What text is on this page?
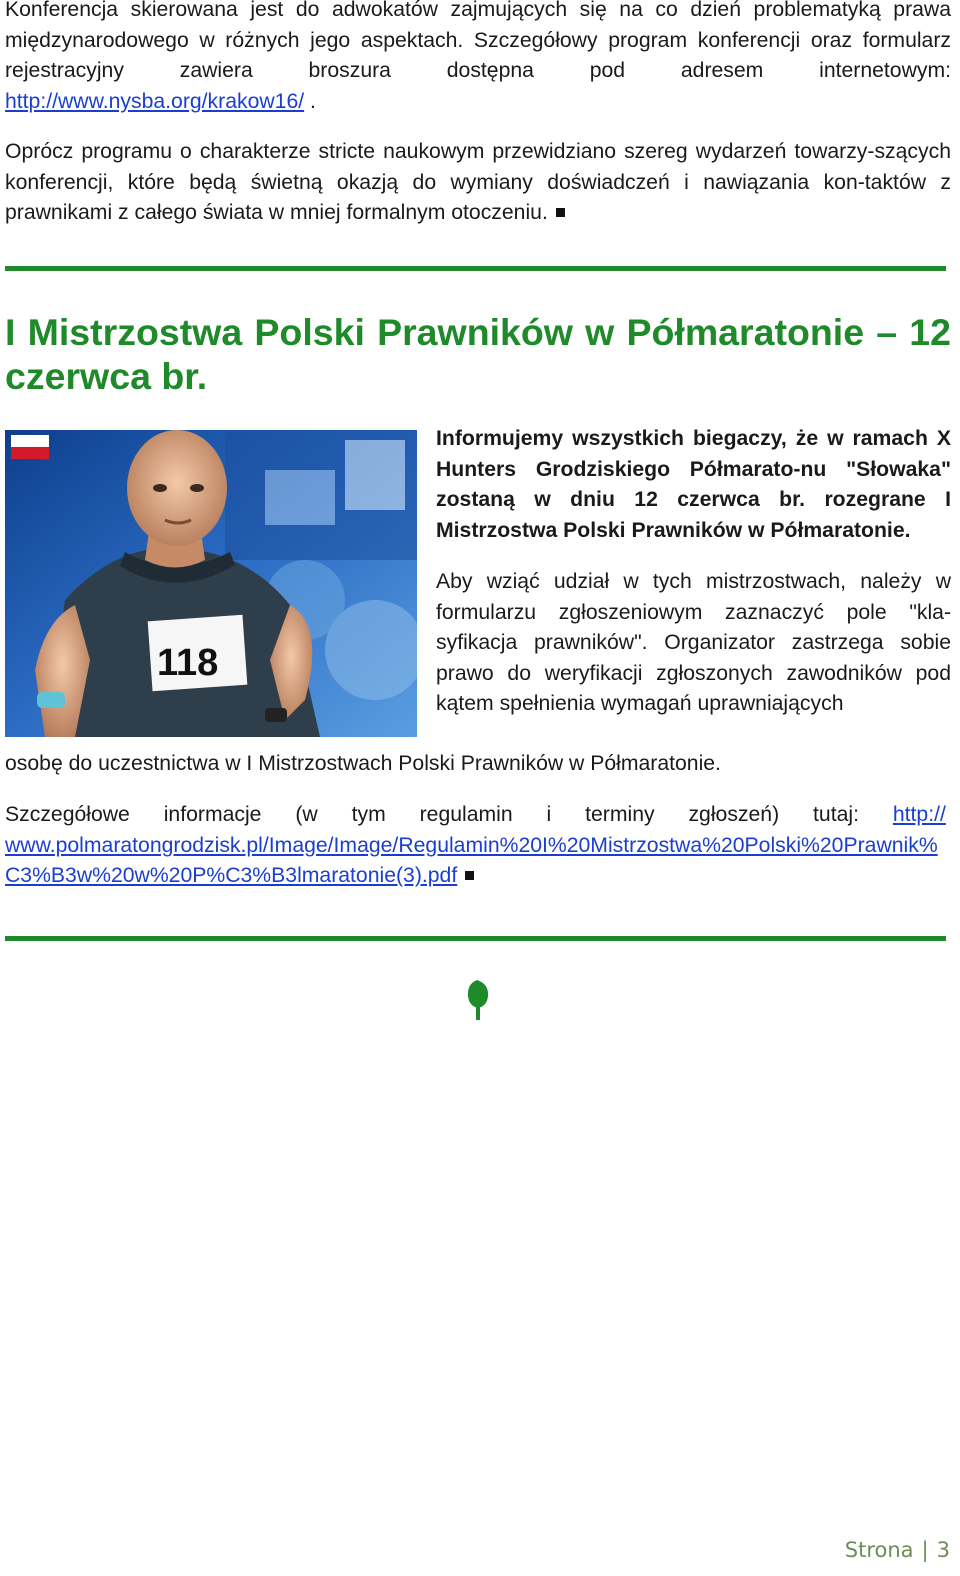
Konferencja skierowana jest do adwokatów zajmujących się na co dzień problematyką prawa międzynarodowego w różnych jego aspektach. Szczegółowy program konferencji oraz formularz rejestracyjny zawiera broszura dostępna pod adresem internetowym: http://www.nysba.org/krakow16/ .

Oprócz programu o charakterze stricte naukowym przewidziano szereg wydarzeń towarzy-szących konferencji, które będą świetną okazją do wymiany doświadczeń i nawiązania kon-taktów z prawnikami z całego świata w mniej formalnym otoczeniu.

I Mistrzostwa Polski Prawników w Półmaratonie – 12 czerwca br.
118

Informujemy wszystkich biegaczy, że w ramach X Hunters Grodziskiego Półmarato-nu "Słowaka" zostaną w dniu 12 czerwca br. rozegrane I Mistrzostwa Polski Prawników w Półmaratonie.

Aby wziąć udział w tych mistrzostwach, należy w formularzu zgłoszeniowym zaznaczyć pole "kla-syfikacja prawników". Organizator zastrzega sobie prawo do weryfikacji zgłoszonych zawodników pod kątem spełnienia wymagań uprawniających

osobę do uczestnictwa w I Mistrzostwach Polski Prawników w Półmaratonie.

Szczegółowe informacje (w tym regulamin i terminy zgłoszeń) tutaj: http://www.polmaratongrodzisk.pl/Image/Image/Regulamin%20I%20Mistrzostwa%20Polski%20Prawnik%C3%B3w%20w%20P%C3%B3lmaratonie(3).pdf

Strona | 3
